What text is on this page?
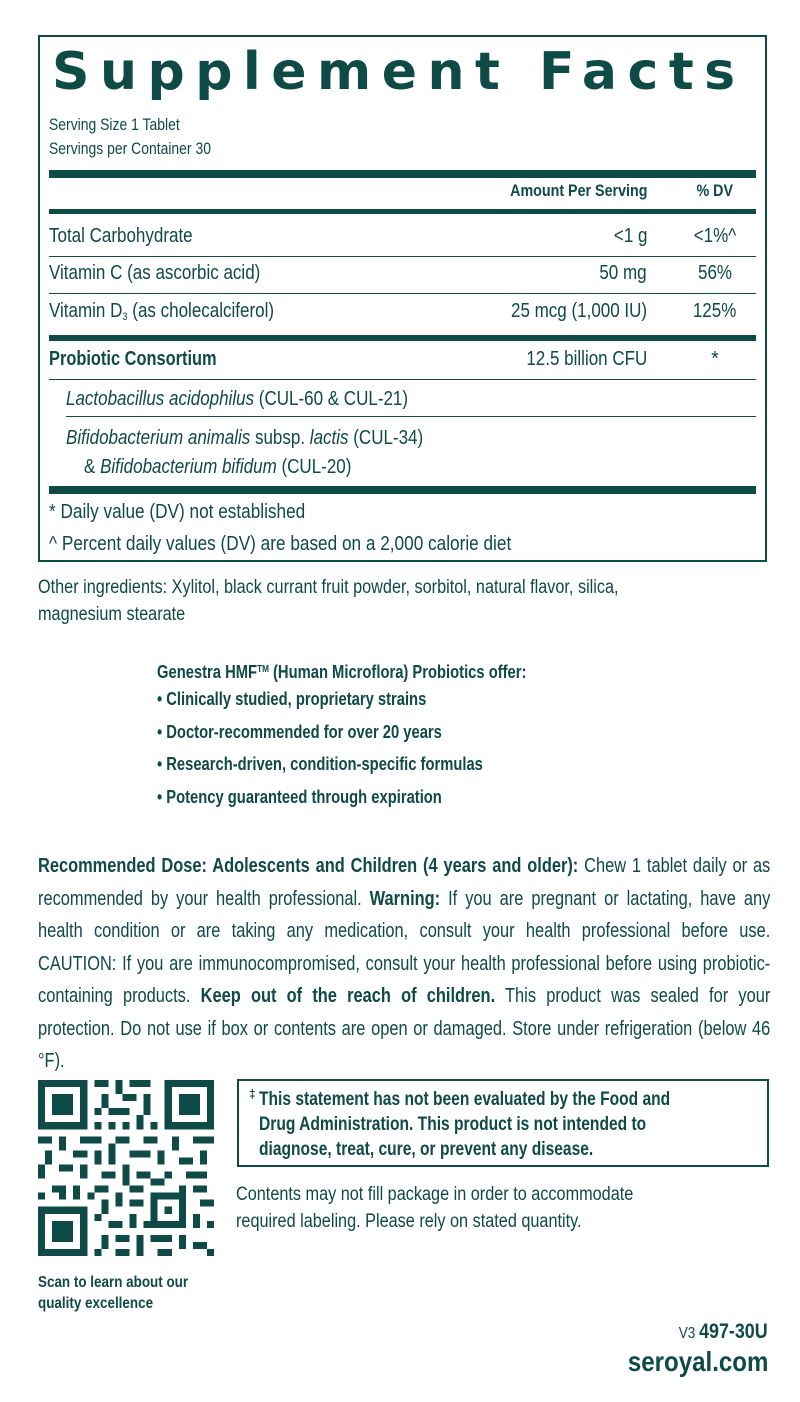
Supplement Facts
Serving Size 1 Tablet
Servings per Container 30
Amount Per Serving	% DV
Total Carbohydrate	<1 g	<1%^
Vitamin C (as ascorbic acid)	50 mg	56%
Vitamin $D_3$ (as cholecalciferol)	25 mcg (1,000 IU)	125%
Probiotic Consortium	12.5 billion CFU	*
Lactobacillus acidophilus (CUL-60 & CUL-21)
Bifidobacterium animalis subsp. lactis (CUL-34)
& Bifidobacterium bifidum (CUL-20)
* Daily value (DV) not established
^ Percent daily values (DV) are based on a 2,000 calorie diet
Other ingredients: Xylitol, black currant fruit powder, sorbitol, natural flavor, silica,
magnesium stearate
Genestra HMF™ (Human Microflora) Probiotics offer:
• Clinically studied, proprietary strains
• Doctor-recommended for over 20 years
• Research-driven, condition-specific formulas
• Potency guaranteed through expiration
Recommended Dose: Adolescents and Children (4 years and older): Chew 1 tablet daily or as recommended by your health professional. Warning: If you are pregnant or lactating, have any health condition or are taking any medication, consult your health professional before use. CAUTION: If you are immunocompromised, consult your health professional before using probiotic-containing products. Keep out of the reach of children. This product was sealed for your protection. Do not use if box or contents are open or damaged. Store under refrigeration (below 46 °F).
Scan to learn about our
quality excellence
‡ This statement has not been evaluated by the Food and
Drug Administration. This product is not intended to
diagnose, treat, cure, or prevent any disease.
Contents may not fill package in order to accommodate
required labeling. Please rely on stated quantity.
V3 497-30U
seroyal.com
